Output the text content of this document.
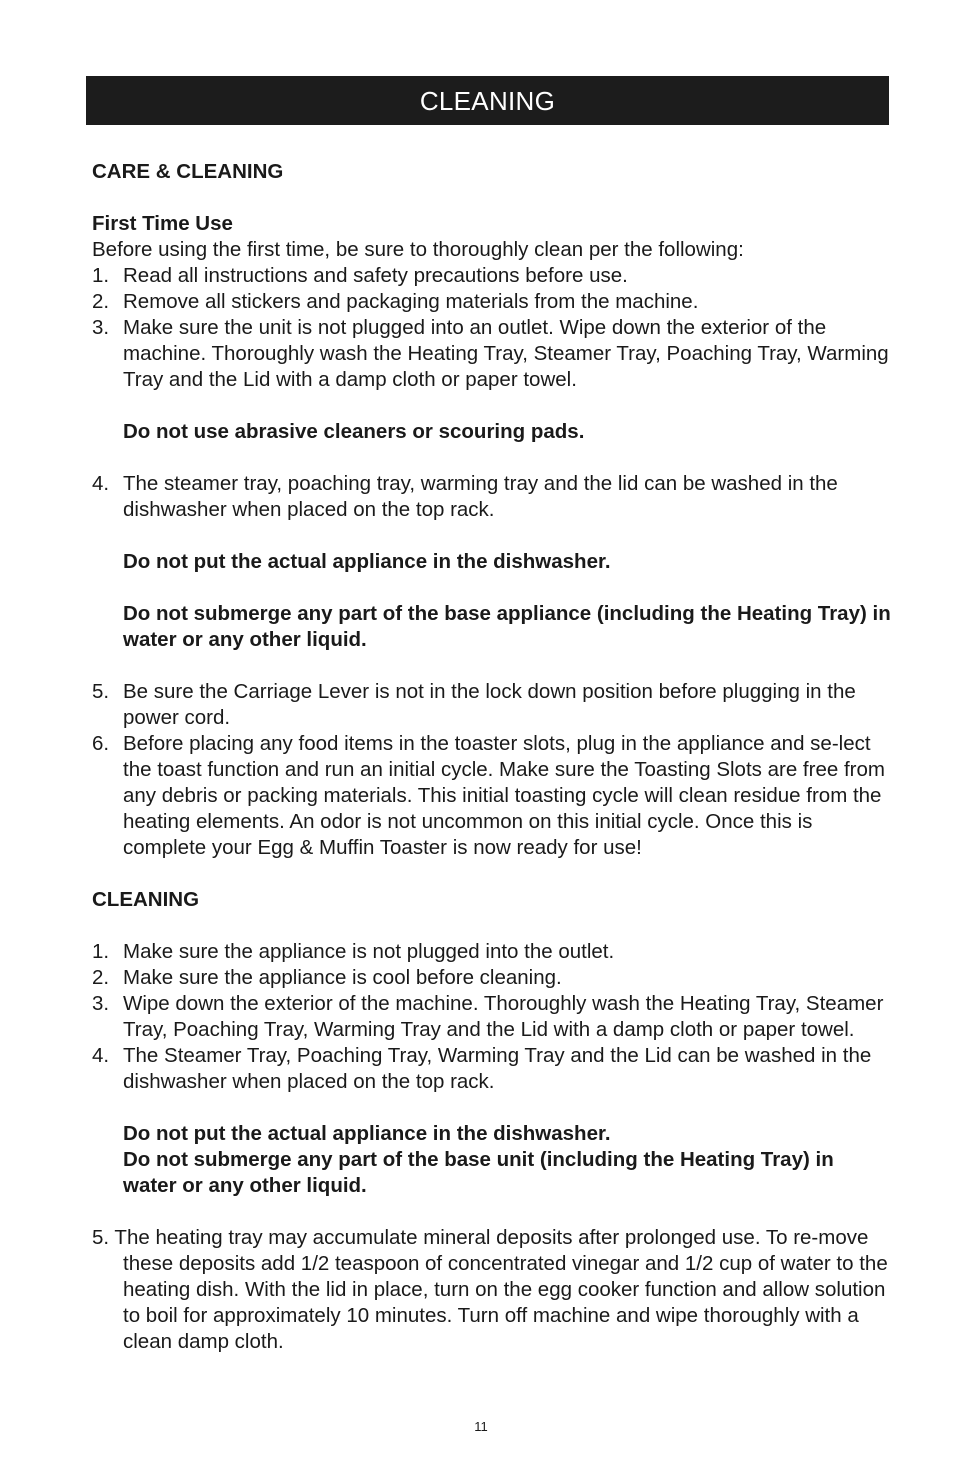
CLEANING
CARE & CLEANING
First Time Use
Before using the first time, be sure to thoroughly clean per the following:
1. Read all instructions and safety precautions before use.
2. Remove all stickers and packaging materials from the machine.
3. Make sure the unit is not plugged into an outlet. Wipe down the exterior of the machine. Thoroughly wash the Heating Tray, Steamer Tray, Poaching Tray, Warming Tray and the Lid with a damp cloth or paper towel.
Do not use abrasive cleaners or scouring pads.
4. The steamer tray, poaching tray, warming tray and the lid can be washed in the dishwasher when placed on the top rack.
Do not put the actual appliance in the dishwasher.
Do not submerge any part of the base appliance (including the Heating Tray) in water or any other liquid.
5. Be sure the Carriage Lever is not in the lock down position before plugging in the power cord.
6. Before placing any food items in the toaster slots, plug in the appliance and se-lect the toast function and run an initial cycle. Make sure the Toasting Slots are free from any debris or packing materials. This initial toasting cycle will clean residue from the heating elements. An odor is not uncommon on this initial cycle. Once this is complete your Egg & Muffin Toaster is now ready for use!
CLEANING
1. Make sure the appliance is not plugged into the outlet.
2. Make sure the appliance is cool before cleaning.
3. Wipe down the exterior of the machine. Thoroughly wash the Heating Tray, Steamer Tray, Poaching Tray, Warming Tray and the Lid with a damp cloth or paper towel.
4. The Steamer Tray, Poaching Tray, Warming Tray and the Lid can be washed in the dishwasher when placed on the top rack.
Do not put the actual appliance in the dishwasher.
Do not submerge any part of the base unit (including the Heating Tray) in water or any other liquid.
5. The heating tray may accumulate mineral deposits after prolonged use. To re-move these deposits add 1/2 teaspoon of concentrated vinegar and 1/2 cup of water to the heating dish. With the lid in place, turn on the egg cooker function and allow solution to boil for approximately 10 minutes. Turn off machine and wipe thoroughly with a clean damp cloth.
11
